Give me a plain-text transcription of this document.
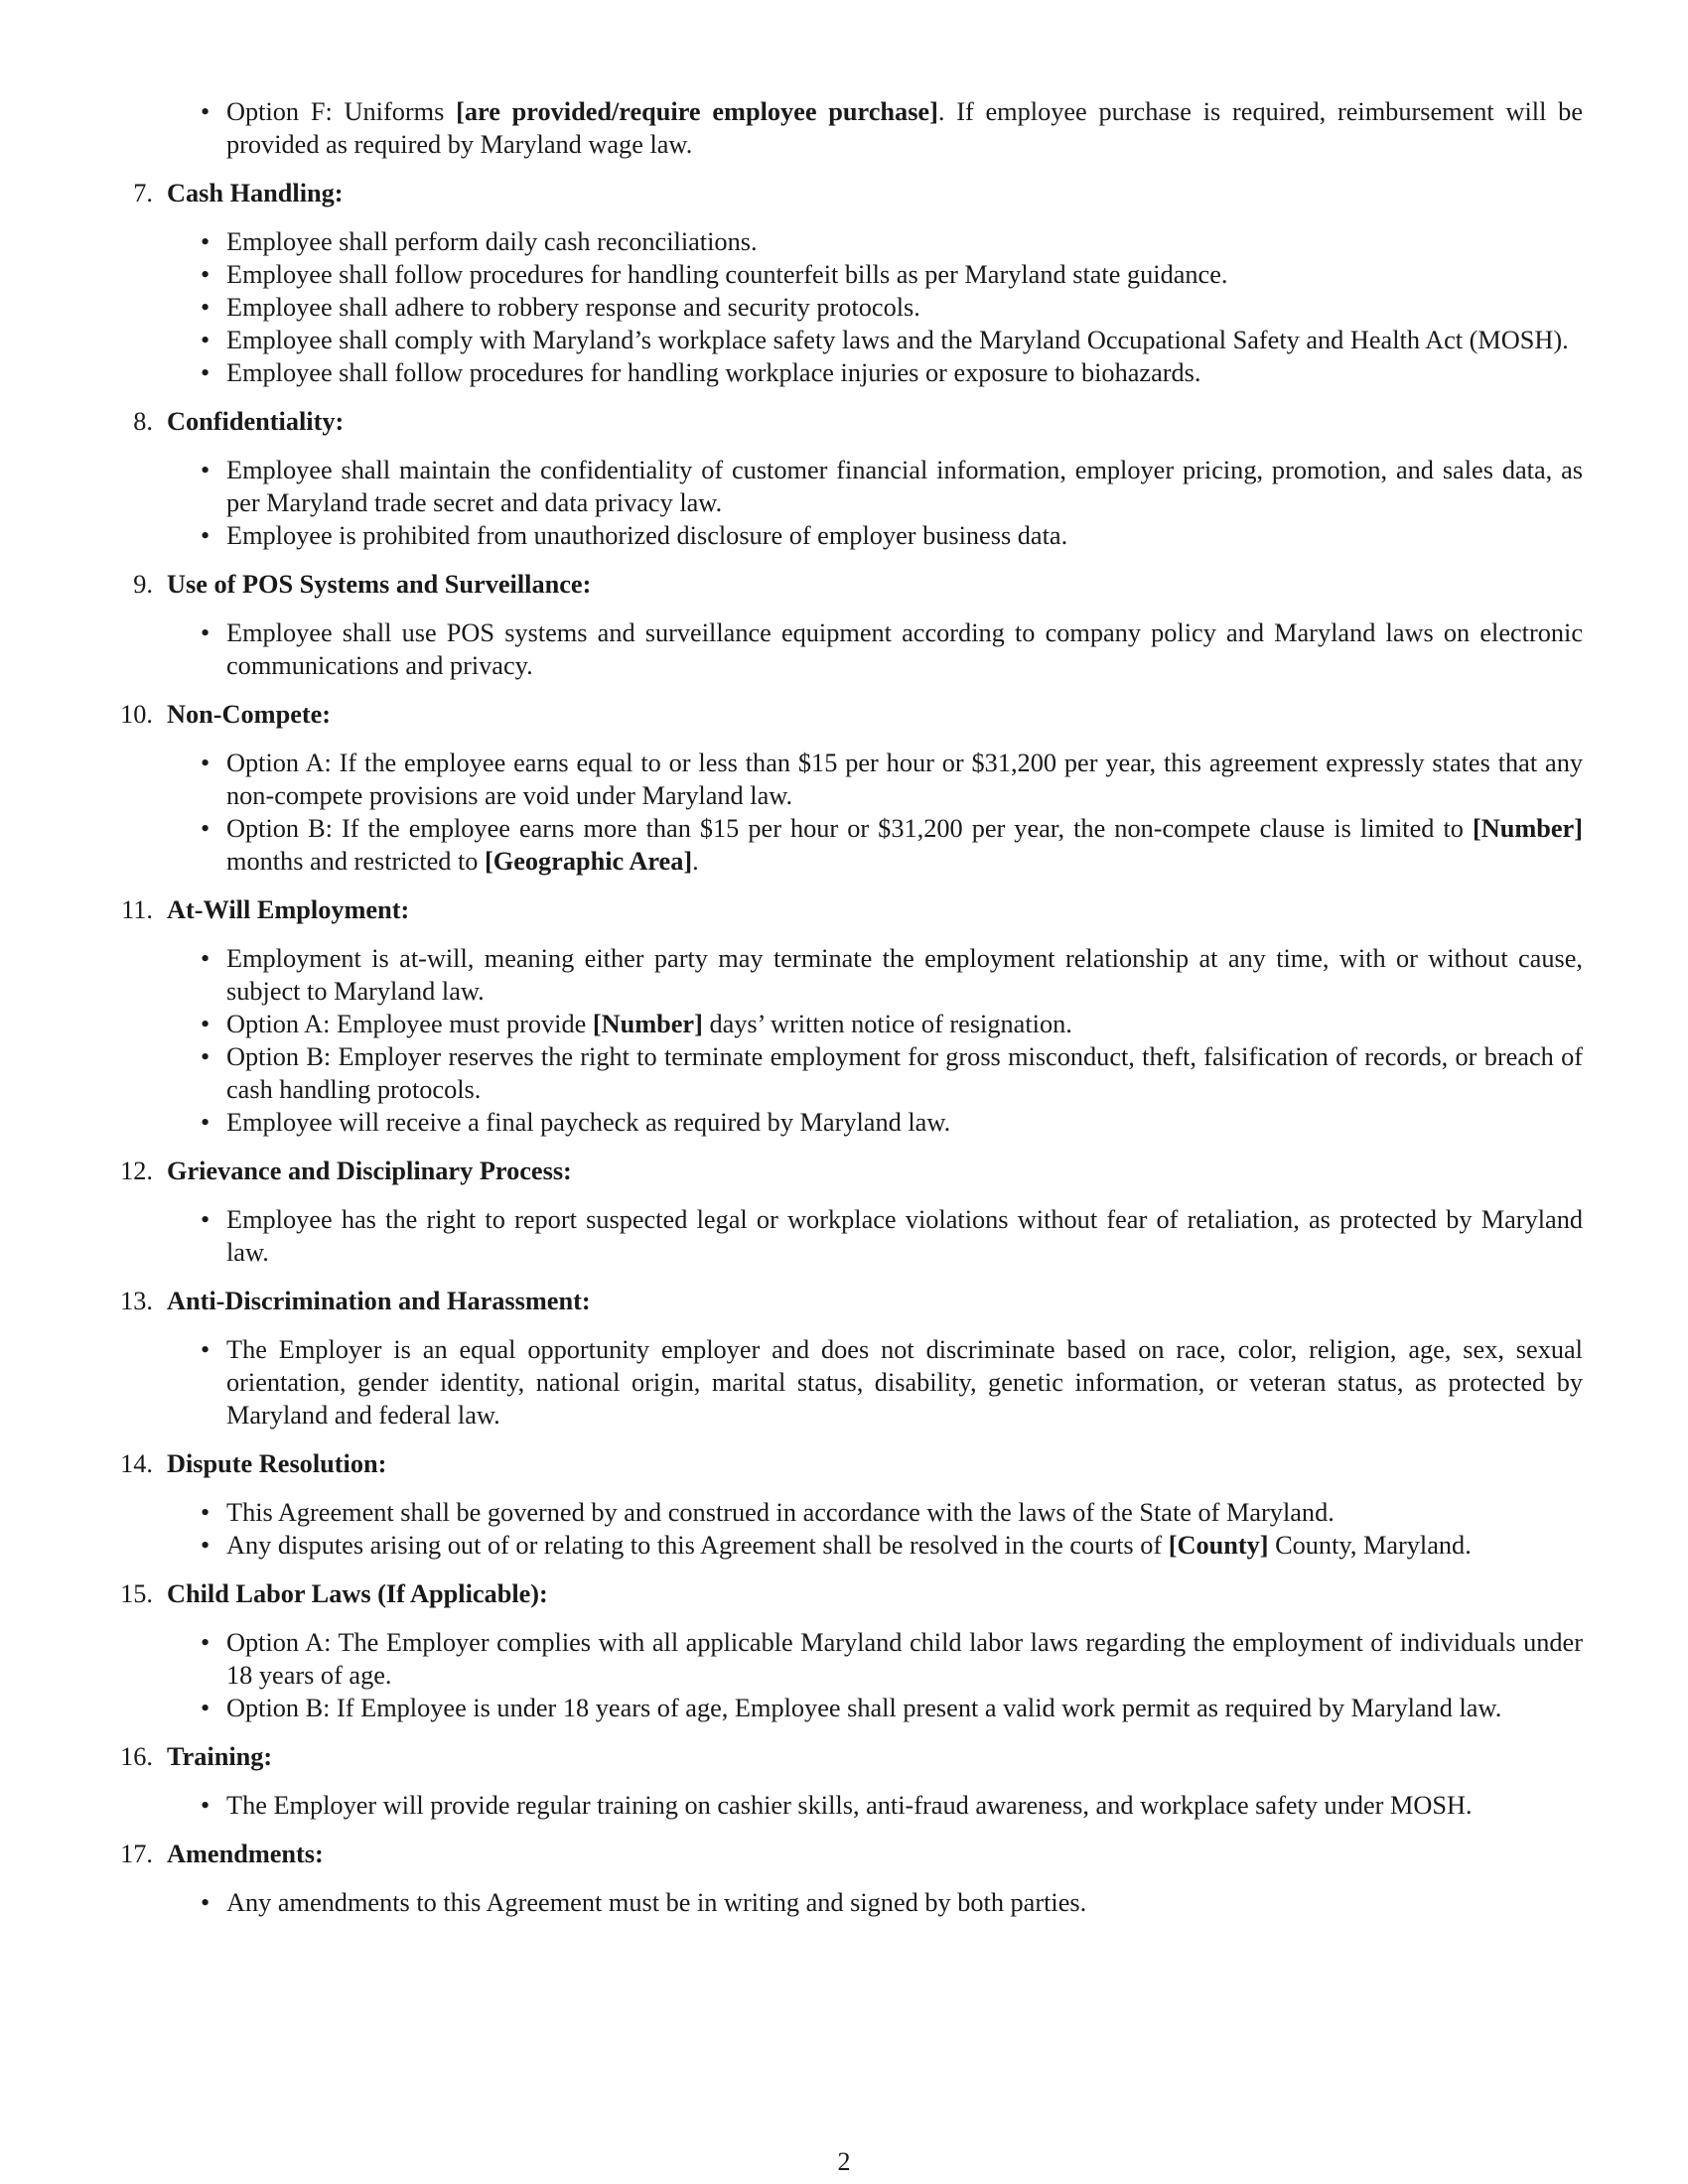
• Option F: Uniforms [are provided/require employee purchase]. If employee purchase is required, reimbursement will be provided as required by Maryland wage law.
7. Cash Handling:
• Employee shall perform daily cash reconciliations.
• Employee shall follow procedures for handling counterfeit bills as per Maryland state guidance.
• Employee shall adhere to robbery response and security protocols.
• Employee shall comply with Maryland’s workplace safety laws and the Maryland Occupational Safety and Health Act (MOSH).
• Employee shall follow procedures for handling workplace injuries or exposure to biohazards.
8. Confidentiality:
• Employee shall maintain the confidentiality of customer financial information, employer pricing, promotion, and sales data, as per Maryland trade secret and data privacy law.
• Employee is prohibited from unauthorized disclosure of employer business data.
9. Use of POS Systems and Surveillance:
• Employee shall use POS systems and surveillance equipment according to company policy and Maryland laws on electronic communications and privacy.
10. Non-Compete:
• Option A: If the employee earns equal to or less than $15 per hour or $31,200 per year, this agreement expressly states that any non-compete provisions are void under Maryland law.
• Option B: If the employee earns more than $15 per hour or $31,200 per year, the non-compete clause is limited to [Number] months and restricted to [Geographic Area].
11. At-Will Employment:
• Employment is at-will, meaning either party may terminate the employment relationship at any time, with or without cause, subject to Maryland law.
• Option A: Employee must provide [Number] days’ written notice of resignation.
• Option B: Employer reserves the right to terminate employment for gross misconduct, theft, falsification of records, or breach of cash handling protocols.
• Employee will receive a final paycheck as required by Maryland law.
12. Grievance and Disciplinary Process:
• Employee has the right to report suspected legal or workplace violations without fear of retaliation, as protected by Maryland law.
13. Anti-Discrimination and Harassment:
• The Employer is an equal opportunity employer and does not discriminate based on race, color, religion, age, sex, sexual orientation, gender identity, national origin, marital status, disability, genetic information, or veteran status, as protected by Maryland and federal law.
14. Dispute Resolution:
• This Agreement shall be governed by and construed in accordance with the laws of the State of Maryland.
• Any disputes arising out of or relating to this Agreement shall be resolved in the courts of [County] County, Maryland.
15. Child Labor Laws (If Applicable):
• Option A: The Employer complies with all applicable Maryland child labor laws regarding the employment of individuals under 18 years of age.
• Option B: If Employee is under 18 years of age, Employee shall present a valid work permit as required by Maryland law.
16. Training:
• The Employer will provide regular training on cashier skills, anti-fraud awareness, and workplace safety under MOSH.
17. Amendments:
• Any amendments to this Agreement must be in writing and signed by both parties.
2
